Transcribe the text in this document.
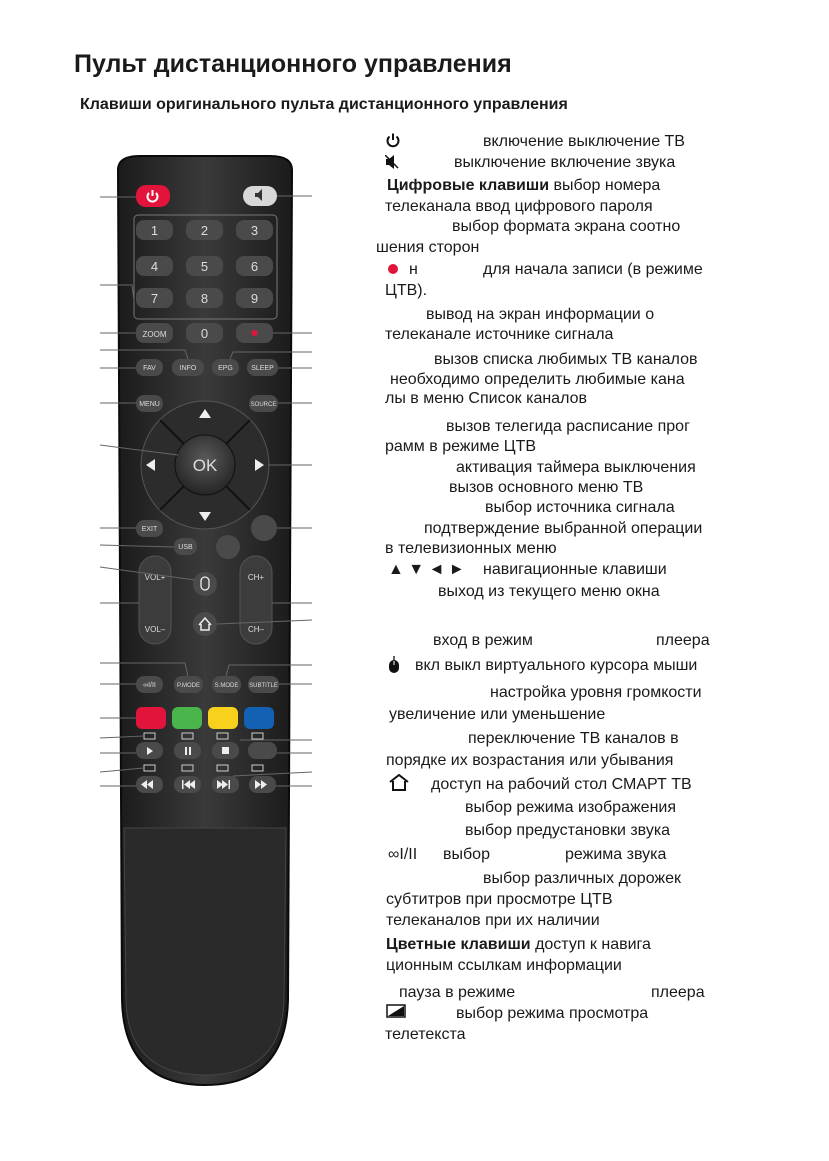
Пульт дистанционного управления
Клавиши оригинального пульта дистанционного управления
1	2	3
4	5	6
7	8	9
0
ZOOM
FAV	INFO	EPG	SLEEP
MENU	SOURCE
OK
EXIT
USB
VOL+
VOL–
CH+
CH–
∞I/II	P.MODE S.MODE SUBTITLE
включение выключение ТВ
выключение включение звука
Цифровые клавиши выбор номера
телеканала ввод цифрового пароля
выбор формата экрана соотно
шения сторон
н	для начала записи (в режиме
ЦТВ).
вывод на экран информации о
телеканале источнике сигнала
вызов списка любимых ТВ каналов
необходимо определить любимые кана
лы в меню Список каналов
вызов телегида расписание прог
рамм в режиме ЦТВ
активация таймера выключения
вызов основного меню ТВ
выбор источника сигнала
подтверждение выбранной операции
в телевизионных меню
▲ ▼ ◄ ► навигационные клавиши
выход из текущего меню окна
вход в режим	плеера
вкл выкл виртуального курсора мыши
настройка уровня громкости
увеличение или уменьшение
переключение ТВ каналов в
порядке их возрастания или убывания
доступ на рабочий стол СМАРТ ТВ
выбор режима изображения
выбор предустановки звука
∞I/II выбор	режима звука
выбор различных дорожек
субтитров при просмотре ЦТВ
телеканалов при их наличии
Цветные клавиши доступ к навига
ционным ссылкам информации
пауза в режиме	плеера
выбор режима просмотра
телетекста
